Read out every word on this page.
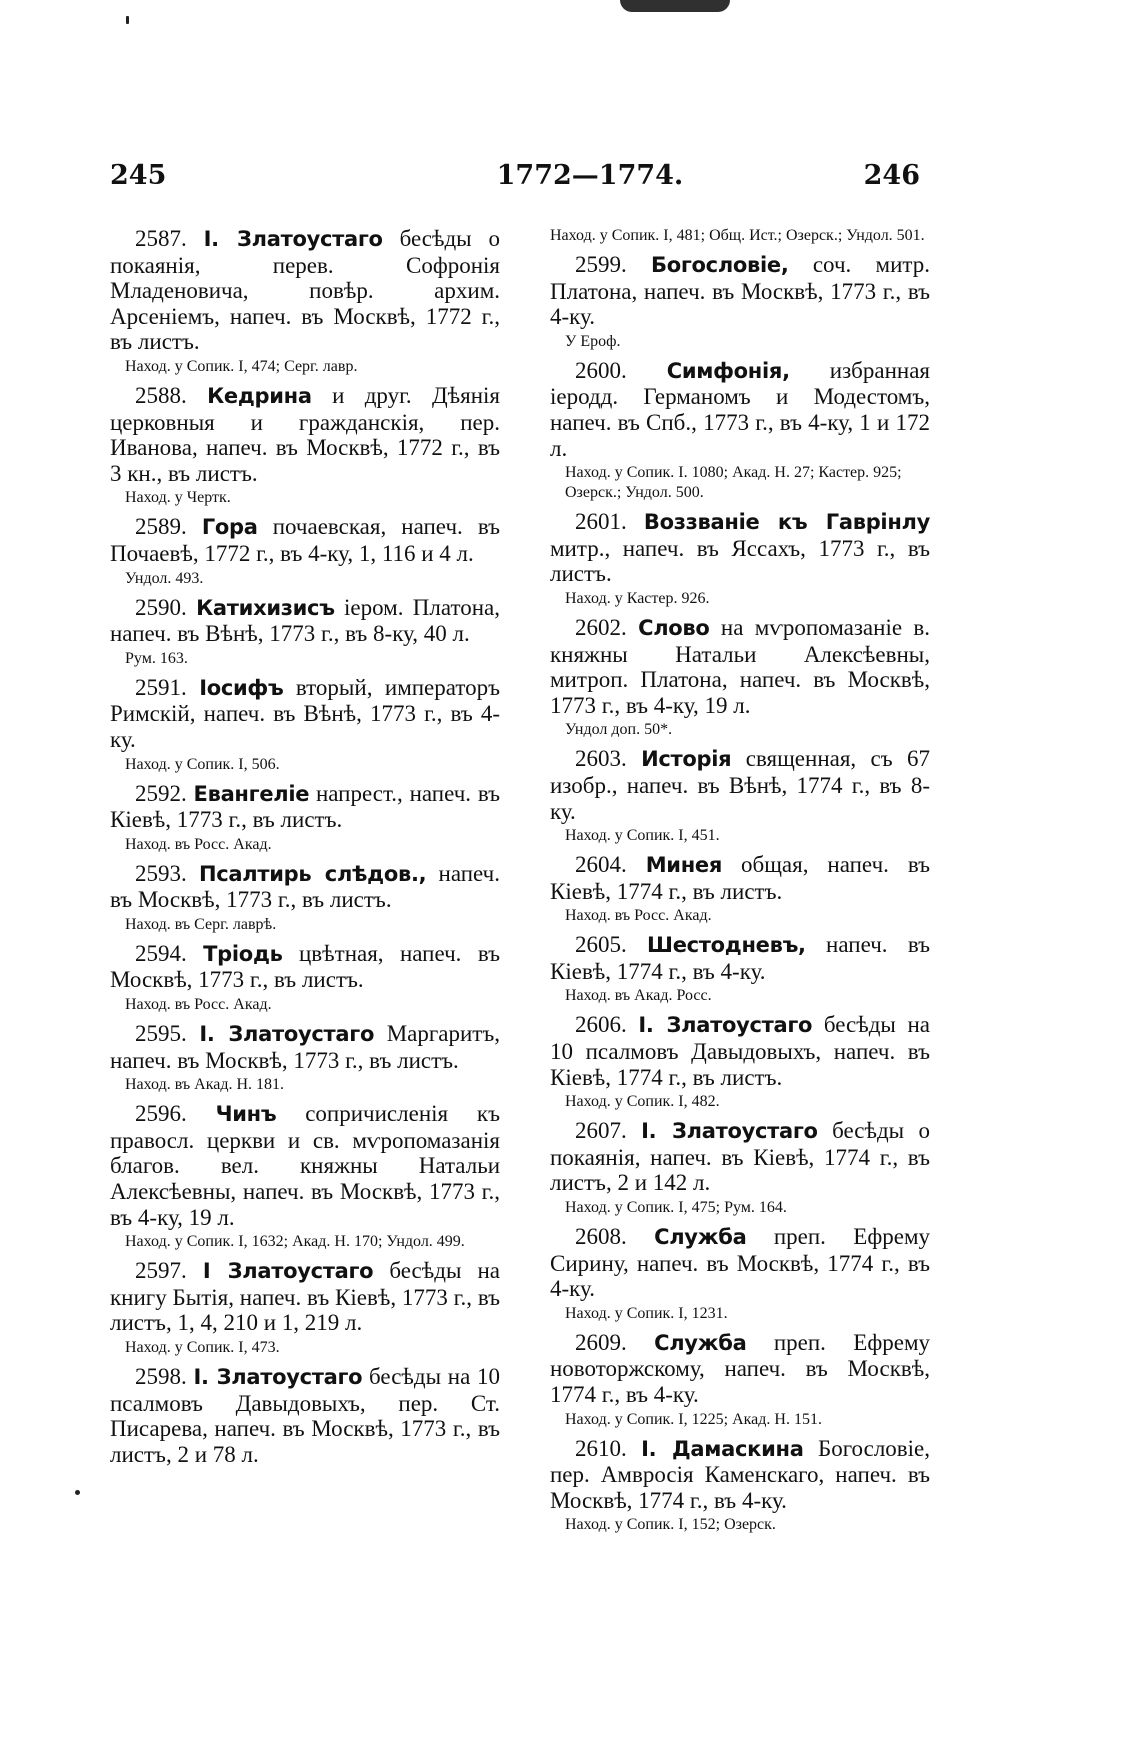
245	1772—1774.	246

2587. I. Златоустаго бесѣды о покаянія, перев. Софронія Младеновича, повѣр. архим. Арсеніемъ, напеч. въ Москвѣ, 1772 г., въ листъ.

Наход. у Сопик. I, 474; Серг. лавр.

2588. Кедрина и друг. Дѣянія церковныя и гражданскія, пер. Иванова, напеч. въ Москвѣ, 1772 г., въ 3 кн., въ листъ.

Наход. у Чертк.

2589. Гора почаевская, напеч. въ Почаевѣ, 1772 г., въ 4-ку, 1, 116 и 4 л.

Ундол. 493.

2590. Катихизисъ іером. Платона, напеч. въ Вѣнѣ, 1773 г., въ 8-ку, 40 л.

Рум. 163.

2591. Іосифъ вторый, императоръ Римскій, напеч. въ Вѣнѣ, 1773 г., въ 4-ку.

Наход. у Сопик. I, 506.

2592. Евангеліе напрест., напеч. въ Кіевѣ, 1773 г., въ листъ.

Наход. въ Росс. Акад.

2593. Псалтирь слѣдов., напеч. въ Москвѣ, 1773 г., въ листъ.

Наход. въ Серг. лаврѣ.

2594. Тріодь цвѣтная, напеч. въ Москвѣ, 1773 г., въ листъ.

Наход. въ Росс. Акад.

2595. I. Златоустаго Маргаритъ, напеч. въ Москвѣ, 1773 г., въ листъ.

Наход. въ Акад. Н. 181.

2596. Чинъ сопричисленія къ правосл. церкви и св. мѵропомазанія благов. вел. княжны Натальи Алексѣевны, напеч. въ Москвѣ, 1773 г., въ 4-ку, 19 л.

Наход. у Сопик. I, 1632; Акад. Н. 170; Ундол. 499.

2597. I Златоустаго бесѣды на книгу Бытія, напеч. въ Кіевѣ, 1773 г., въ листъ, 1, 4, 210 и 1, 219 л.

Наход. у Сопик. I, 473.

2598. I. Златоустаго бесѣды на 10 псалмовъ Давыдовыхъ, пер. Ст. Писарева, напеч. въ Москвѣ, 1773 г., въ листъ, 2 и 78 л.

Наход. у Сопик. I, 481; Общ. Ист.; Озерск.; Ундол. 501.

2599. Богословіе, соч. митр. Платона, напеч. въ Москвѣ, 1773 г., въ 4-ку.

У Ероф.

2600. Симфонія, избранная іеродд. Германомъ и Модестомъ, напеч. въ Спб., 1773 г., въ 4-ку, 1 и 172 л.

Наход. у Сопик. I. 1080; Акад. Н. 27; Кастер. 925; Озерск.; Ундол. 500.

2601. Воззваніе къ Гаврінлу митр., напеч. въ Яссахъ, 1773 г., въ листъ.

Наход. у Кастер. 926.

2602. Слово на мѵропомазаніе в. княжны Натальи Алексѣевны, митроп. Платона, напеч. въ Москвѣ, 1773 г., въ 4-ку, 19 л.

Ундол доп. 50*.

2603. Исторія священная, съ 67 изобр., напеч. въ Вѣнѣ, 1774 г., въ 8-ку.

Наход. у Сопик. I, 451.

2604. Минея общая, напеч. въ Кіевѣ, 1774 г., въ листъ.

Наход. въ Росс. Акад.

2605. Шестодневъ, напеч. въ Кіевѣ, 1774 г., въ 4-ку.

Наход. въ Акад. Росс.

2606. I. Златоустаго бесѣды на 10 псалмовъ Давыдовыхъ, напеч. въ Кіевѣ, 1774 г., въ листъ.

Наход. у Сопик. I, 482.

2607. I. Златоустаго бесѣды о покаянія, напеч. въ Кіевѣ, 1774 г., въ листъ, 2 и 142 л.

Наход. у Сопик. I, 475; Рум. 164.

2608. Служба преп. Ефрему Сирину, напеч. въ Москвѣ, 1774 г., въ 4-ку.

Наход. у Сопик. I, 1231.

2609. Служба преп. Ефрему новоторжскому, напеч. въ Москвѣ, 1774 г., въ 4-ку.

Наход. у Сопик. I, 1225; Акад. Н. 151.

2610. I. Дамаскина Богословіе, пер. Амвросія Каменскаго, напеч. въ Москвѣ, 1774 г., въ 4-ку.

Наход. у Сопик. I, 152; Озерск.
